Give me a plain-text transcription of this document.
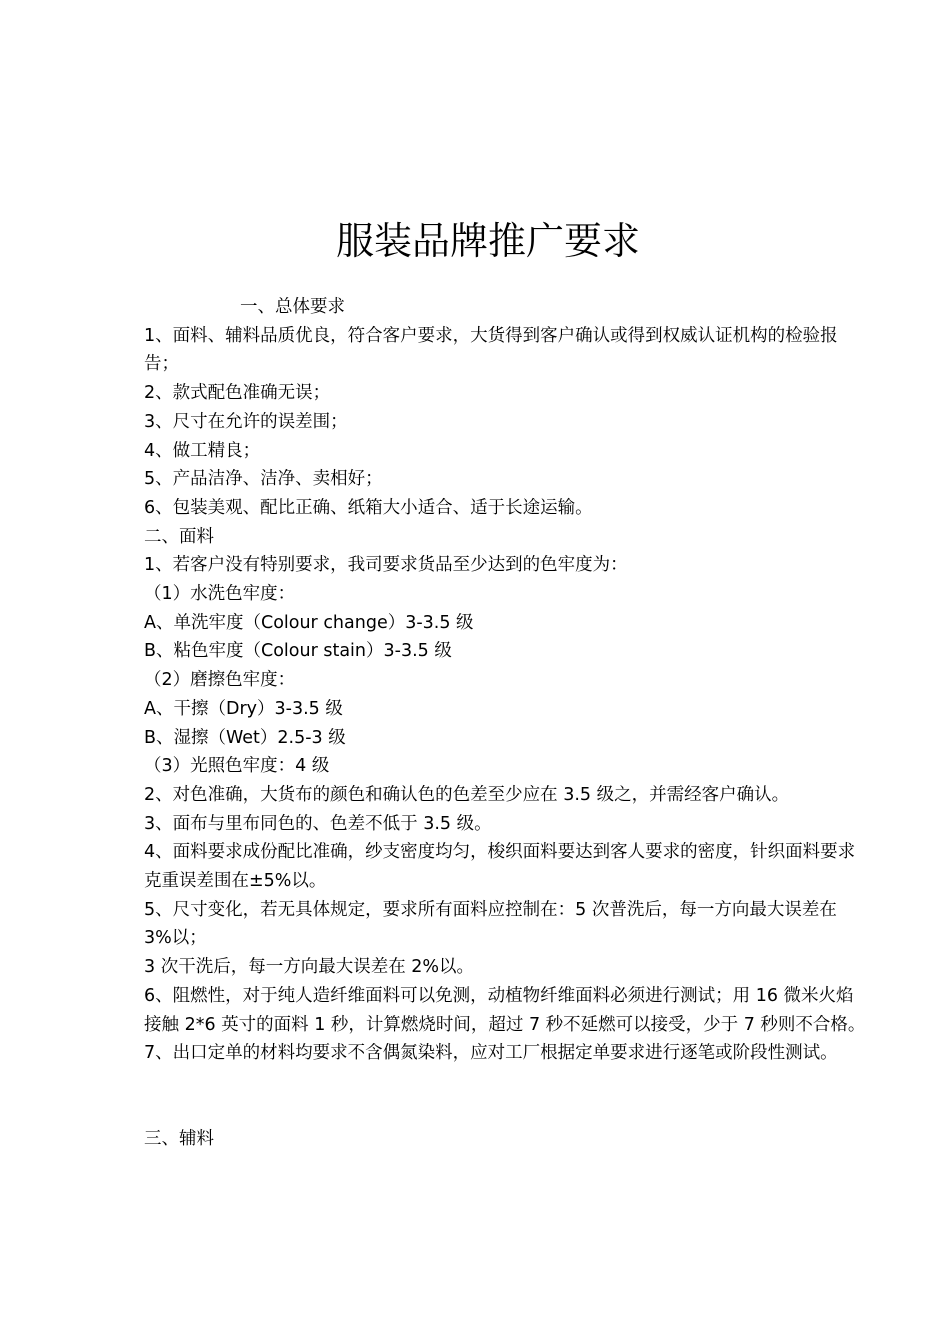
服装品牌推广要求

一、总体要求

1、面料、辅料品质优良，符合客户要求，大货得到客户确认或得到权威认证机构的检验报告；

2、款式配色准确无误；

3、尺寸在允许的误差围；

4、做工精良；

5、产品洁净、洁净、卖相好；

6、包装美观、配比正确、纸箱大小适合、适于长途运输。

二、面料

1、若客户没有特别要求，我司要求货品至少达到的色牢度为：

（1）水洗色牢度：

A、单洗牢度（Colour change）3-3.5 级

B、粘色牢度（Colour stain）3-3.5 级

（2）磨擦色牢度：

A、干擦（Dry）3-3.5 级

B、湿擦（Wet）2.5-3 级

（3）光照色牢度：4 级

2、对色准确，大货布的颜色和确认色的色差至少应在 3.5 级之，并需经客户确认。

3、面布与里布同色的、色差不低于 3.5 级。

4、面料要求成份配比准确，纱支密度均匀，梭织面料要达到客人要求的密度，针织面料要求克重误差围在±5%以。

5、尺寸变化，若无具体规定，要求所有面料应控制在：5 次普洗后，每一方向最大误差在 3%以；

3 次干洗后，每一方向最大误差在 2%以。

6、阻燃性，对于纯人造纤维面料可以免测，动植物纤维面料必须进行测试；用 16 微米火焰接触 2*6 英寸的面料 1 秒，计算燃烧时间，超过 7 秒不延燃可以接受，少于 7 秒则不合格。

7、出口定单的材料均要求不含偶氮染料，应对工厂根据定单要求进行逐笔或阶段性测试。

三、辅料
